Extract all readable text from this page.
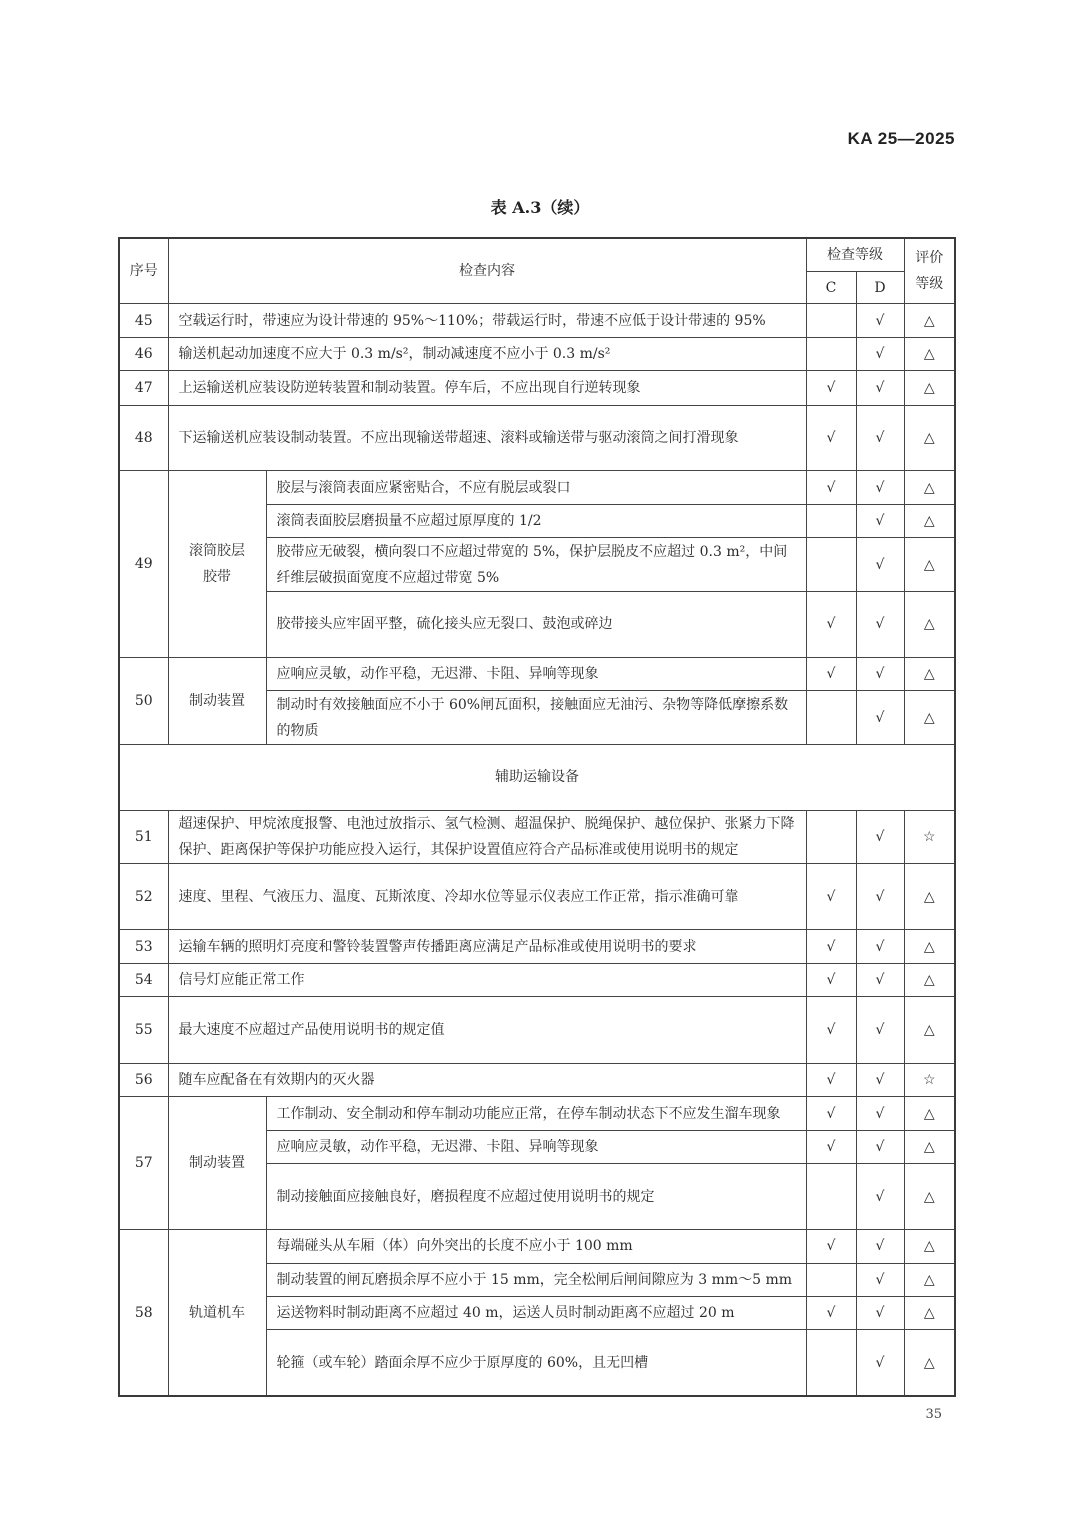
KA 25—2025
表 A.3（续）
序号	检查内容		检查等级		评价
等级
			C	D	
45	空载运行时，带速应为设计带速的 95%～110%；带载运行时，带速不应低于设计带速的 95%			√	△
46	输送机起动加速度不应大于 0.3 m/s²，制动减速度不应小于 0.3 m/s²			√	△
47	上运输送机应装设防逆转装置和制动装置。停车后，不应出现自行逆转现象		√	√	△
48	下运输送机应装设制动装置。不应出现输送带超速、滚料或输送带与驱动滚筒之间打滑现象		√	√	△
49	滚筒胶层
胶带	胶层与滚筒表面应紧密贴合，不应有脱层或裂口	√	√	△
		滚筒表面胶层磨损量不应超过原厚度的 1/2		√	△
		胶带应无破裂，横向裂口不应超过带宽的 5%，保护层脱皮不应超过 0.3 m²，中间纤维层破损面宽度不应超过带宽 5%		√	△
		胶带接头应牢固平整，硫化接头应无裂口、鼓泡或碎边	√	√	△
50	制动装置	应响应灵敏，动作平稳，无迟滞、卡阻、异响等现象	√	√	△
		制动时有效接触面应不小于 60%闸瓦面积，接触面应无油污、杂物等降低摩擦系数的物质		√	△
辅助运输设备					
51	超速保护、甲烷浓度报警、电池过放指示、氢气检测、超温保护、脱绳保护、越位保护、张紧力下降保护、距离保护等保护功能应投入运行，其保护设置值应符合产品标准或使用说明书的规定			√	☆
52	速度、里程、气液压力、温度、瓦斯浓度、冷却水位等显示仪表应工作正常，指示准确可靠		√	√	△
53	运输车辆的照明灯亮度和警铃装置警声传播距离应满足产品标准或使用说明书的要求		√	√	△
54	信号灯应能正常工作		√	√	△
55	最大速度不应超过产品使用说明书的规定值		√	√	△
56	随车应配备在有效期内的灭火器		√	√	☆
57	制动装置	工作制动、安全制动和停车制动功能应正常，在停车制动状态下不应发生溜车现象	√	√	△
		应响应灵敏，动作平稳，无迟滞、卡阻、异响等现象	√	√	△
		制动接触面应接触良好，磨损程度不应超过使用说明书的规定		√	△
58	轨道机车	每端碰头从车厢（体）向外突出的长度不应小于 100 mm	√	√	△
		制动装置的闸瓦磨损余厚不应小于 15 mm，完全松闸后闸间隙应为 3 mm～5 mm		√	△
		运送物料时制动距离不应超过 40 m，运送人员时制动距离不应超过 20 m	√	√	△
		轮箍（或车轮）踏面余厚不应少于原厚度的 60%，且无凹槽		√	△
35
